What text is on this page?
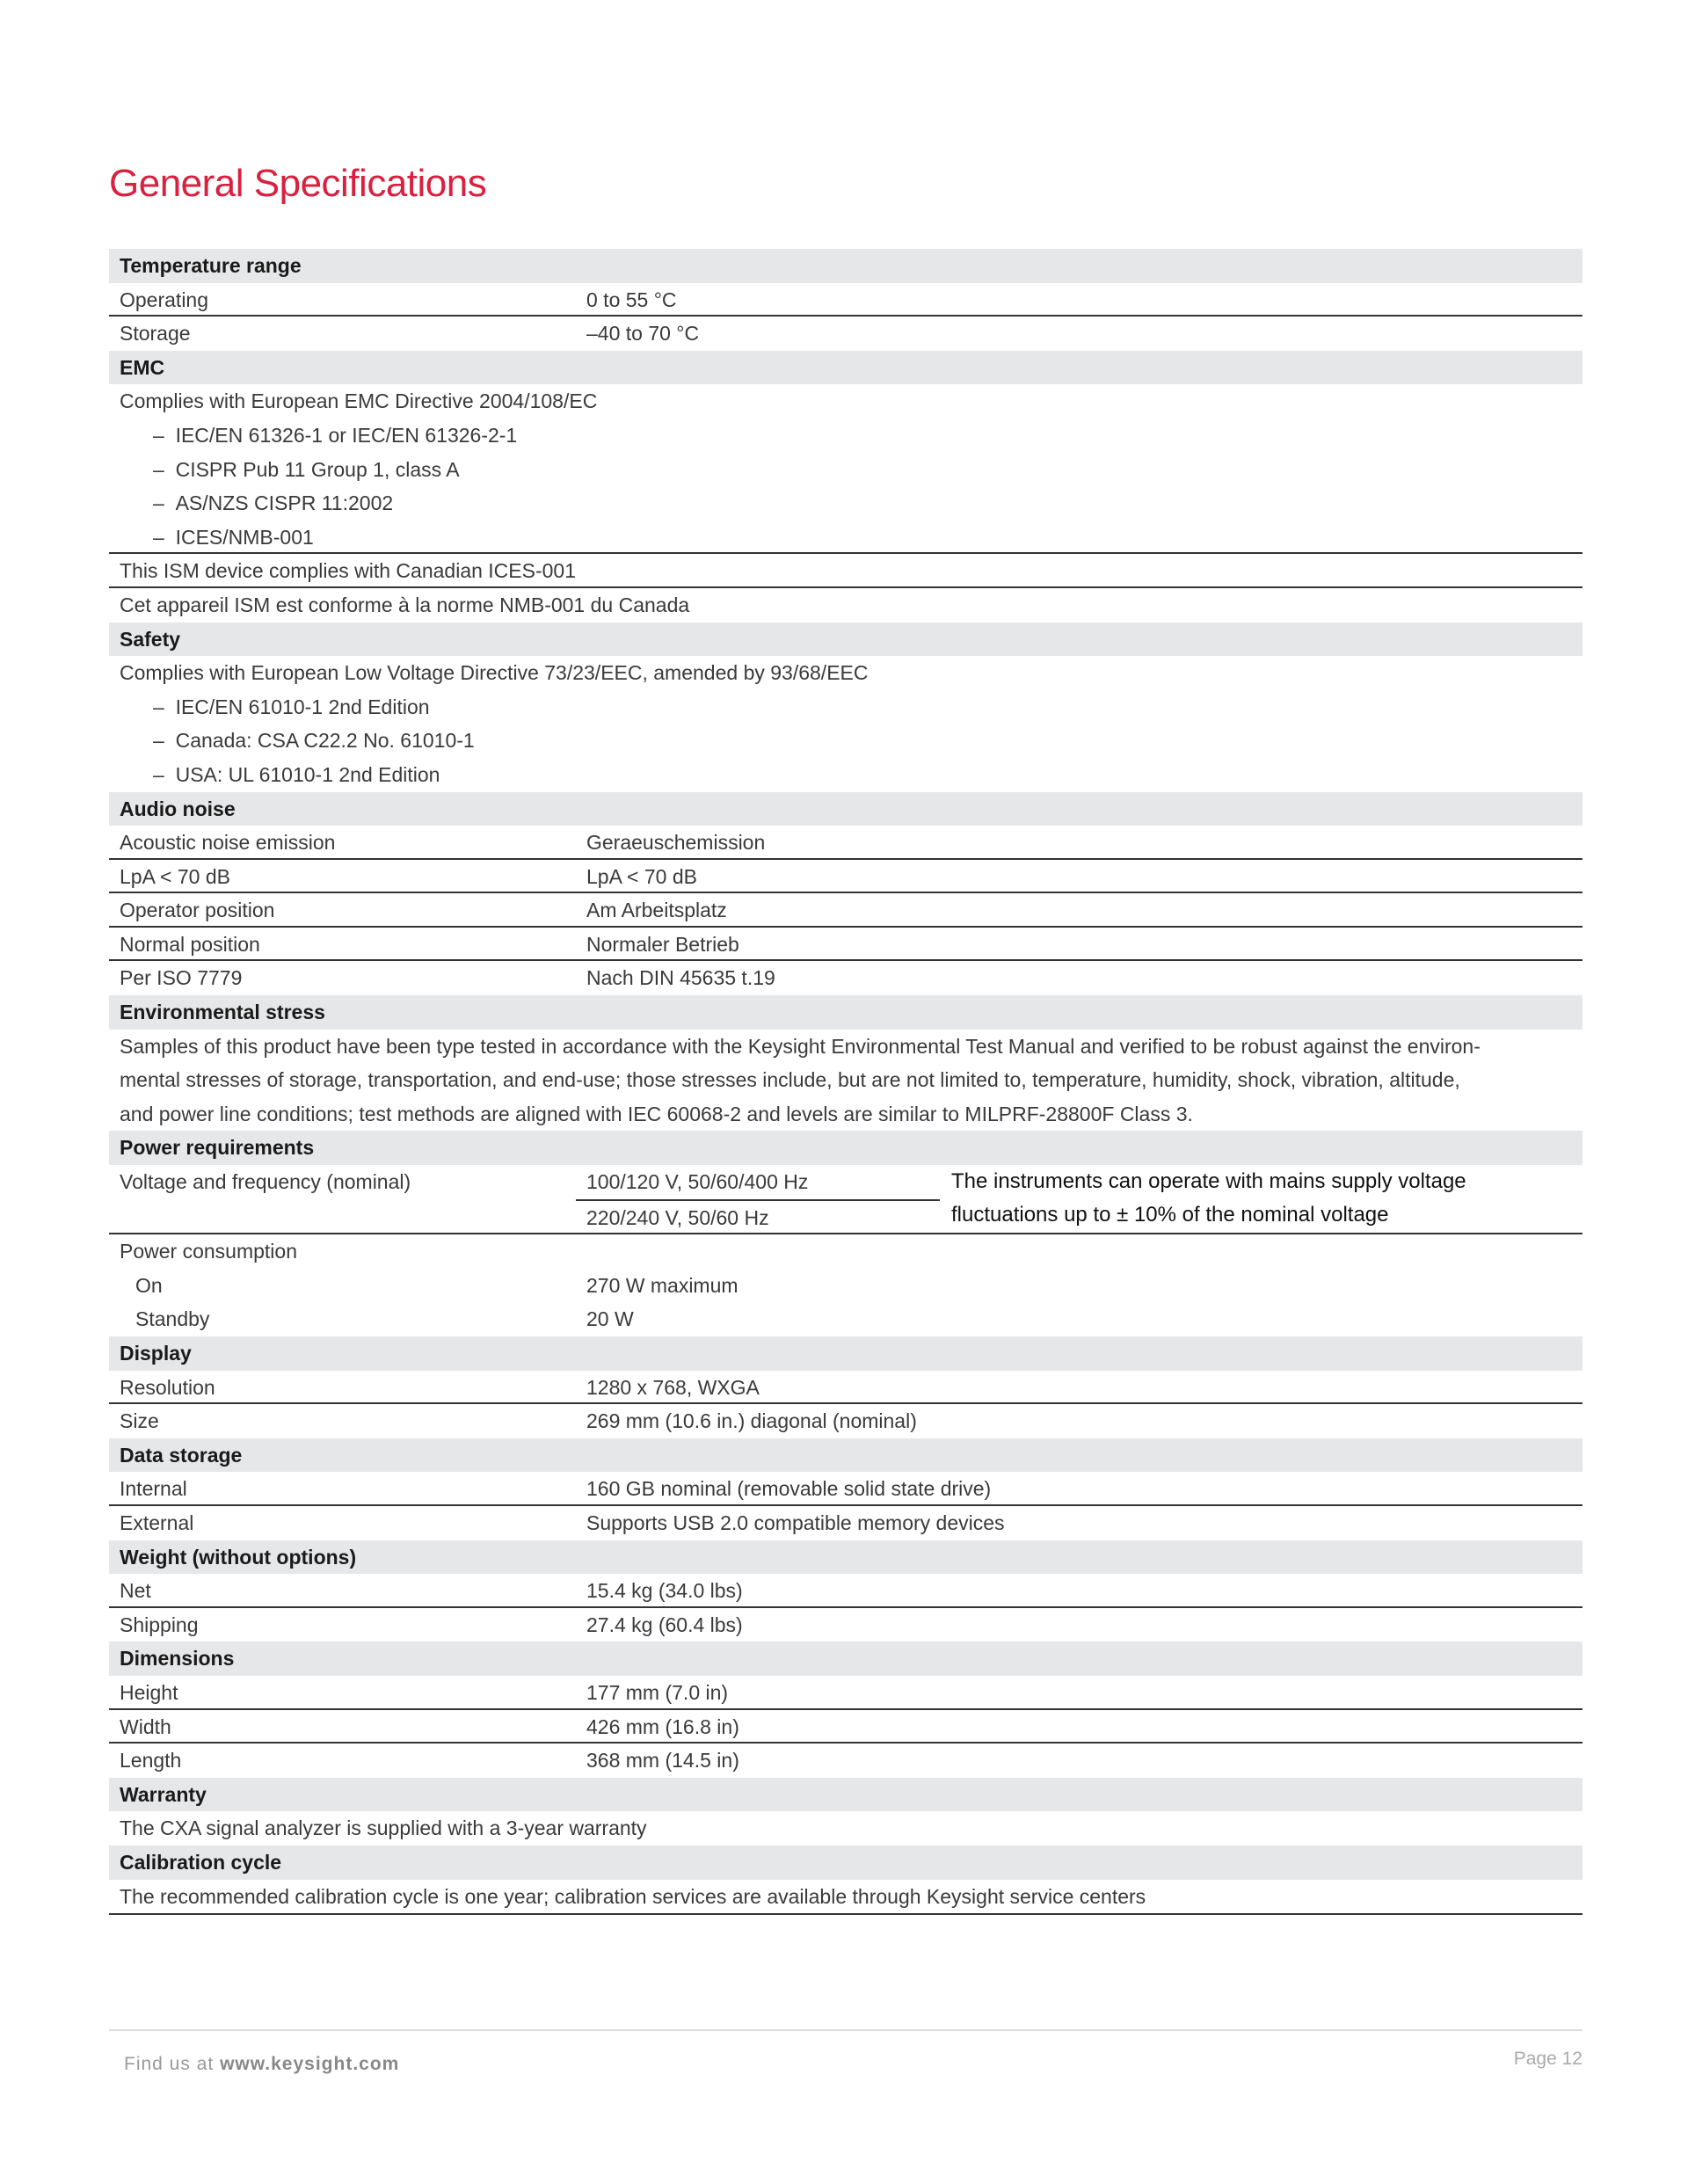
General Specifications
Temperature range
Operating	0 to 55 °C
Storage	–40 to 70 °C
EMC
Complies with European EMC Directive 2004/108/EC
–  IEC/EN 61326-1 or IEC/EN 61326-2-1
–  CISPR Pub 11 Group 1, class A
–  AS/NZS CISPR 11:2002
–  ICES/NMB-001
This ISM device complies with Canadian ICES-001
Cet appareil ISM est conforme à la norme NMB-001 du Canada
Safety
Complies with European Low Voltage Directive 73/23/EEC, amended by 93/68/EEC
–  IEC/EN 61010-1 2nd Edition
–  Canada: CSA C22.2 No. 61010-1
–  USA: UL 61010-1 2nd Edition
Audio noise
Acoustic noise emission	Geraeuschemission
LpA < 70 dB	LpA < 70 dB
Operator position	Am Arbeitsplatz
Normal position	Normaler Betrieb
Per ISO 7779	Nach DIN 45635 t.19
Environmental stress
Samples of this product have been type tested in accordance with the Keysight Environmental Test Manual and verified to be robust against the environ-
mental stresses of storage, transportation, and end-use; those stresses include, but are not limited to, temperature, humidity, shock, vibration, altitude,
and power line conditions; test methods are aligned with IEC 60068-2 and levels are similar to MILPRF-28800F Class 3.
Power requirements
Voltage and frequency (nominal)	100/120 V, 50/60/400 Hz
220/240 V, 50/60 Hz
The instruments can operate with mains supply voltage
fluctuations up to ± 10% of the nominal voltage
Power consumption
On	270 W maximum
Standby	20 W
Display
Resolution	1280 x 768, WXGA
Size	269 mm (10.6 in.) diagonal (nominal)
Data storage
Internal	160 GB nominal (removable solid state drive)
External	Supports USB 2.0 compatible memory devices
Weight (without options)
Net	15.4 kg (34.0 lbs)
Shipping	27.4 kg (60.4 lbs)
Dimensions
Height	177 mm (7.0 in)
Width	426 mm (16.8 in)
Length	368 mm (14.5 in)
Warranty
The CXA signal analyzer is supplied with a 3-year warranty
Calibration cycle
The recommended calibration cycle is one year; calibration services are available through Keysight service centers
Find us at www.keysight.com	Page 12
